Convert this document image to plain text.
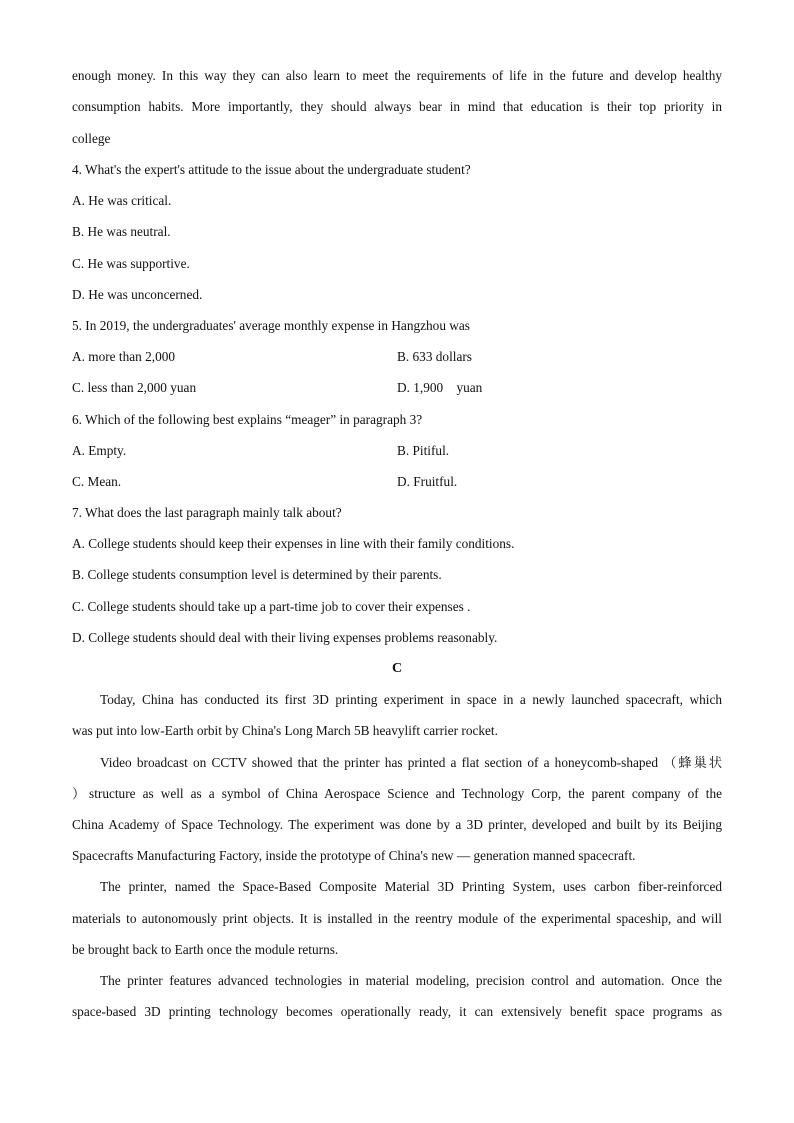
enough money. In this way they can also learn to meet the requirements of life in the future and develop healthy
consumption habits. More importantly, they should always bear in mind that education is their top priority in
college
4. What's the expert's attitude to the issue about the undergraduate student?
A. He was critical.
B. He was neutral.
C. He was supportive.
D. He was unconcerned.
5. In 2019, the undergraduates' average monthly expense in Hangzhou was
A. more than 2,000	B. 633 dollars
C. less than 2,000 yuan	D. 1,900    yuan
6. Which of the following best explains “meager” in paragraph 3?
A. Empty.	B. Pitiful.
C. Mean.	D. Fruitful.
7. What does the last paragraph mainly talk about?
A. College students should keep their expenses in line with their family conditions.
B. College students consumption level is determined by their parents.
C. College students should take up a part-time job to cover their expenses .
D. College students should deal with their living expenses problems reasonably.
C
Today, China has conducted its first 3D printing experiment in space in a newly launched spacecraft, which
was put into low-Earth orbit by China's Long March 5B heavylift carrier rocket.
Video broadcast on CCTV showed that the printer has printed a flat section of a honeycomb-shaped （蜂巢状
）structure as well as a symbol of China Aerospace Science and Technology Corp, the parent company of the
China Academy of Space Technology. The experiment was done by a 3D printer, developed and built by its Beijing
Spacecrafts Manufacturing Factory, inside the prototype of China's new — generation manned spacecraft.
The printer, named the Space-Based Composite Material 3D Printing System, uses carbon fiber-reinforced
materials to autonomously print objects. It is installed in the reentry module of the experimental spaceship, and will
be brought back to Earth once the module returns.
The printer features advanced technologies in material modeling, precision control and automation. Once the
space-based 3D printing technology becomes operationally ready, it can extensively benefit space programs as
